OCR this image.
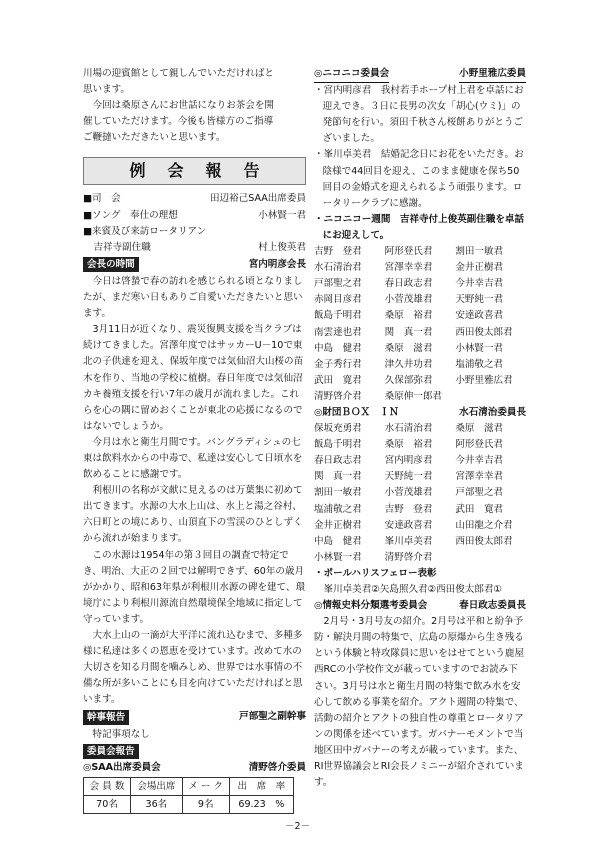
川場の迎賓館として親しんでいただければと

思います。

今回は桑原さんにお世話になりお茶会を開

催していただけます。今後も皆様方のご指導

ご鞭撻いただきたいと思います。

例会報告
■司　会	田辺裕己SAA出席委員
■ソング　奉仕の理想	小林賢一君
■来賓及び来訪ロータリアン
吉祥寺副住職	村上俊英君
会長の時間	宮内明彦会長

今日は啓蟄で春の訪れを感じられる頃となりましたが、まだ寒い日もありご自愛いただきたいと思います。

3月11日が近くなり、震災復興支援を当クラブは続けてきました。宮澤年度ではサッカーU－10で東北の子供達を迎え、保坂年度では気仙沼大山桜の苗木を作り、当地の学校に植樹。春日年度では気仙沼カキ養殖支援を行い7年の歳月が流れました。これらを心の隅に留めおくことが東北の応援になるのではないでしょうか。

今月は水と衛生月間です。バングラディシュの七東は飲料水からの中毒で、私達は安心して日頃水を飲めることに感謝です。

利根川の名称が文献に見えるのは万葉集に初めて出てきます。水源の大水上山は、水上と湯之谷村、六日町との境にあり、山頂直下の雪渓のひとしずくから流れが始まります。

この水源は1954年の第３回目の調査で特定でき、明治、大正の２回では解明できず、60年の歳月がかかり、昭和63年県が利根川水源の碑を建て、環境庁により利根川源流自然環境保全地域に指定して守っています。

大水上山の一滴が大平洋に流れ込むまで、多種多様に私達は多くの恩恵を受けています。改めて水の大切さを知る月間を噛みしめ、世界では水事情の不備な所が多いことにも目を向けていただければと思います。

幹事報告	戸部聖之副幹事

特記事項なし

委員会報告
◎SAA出席委員会	清野啓介委員
会 員 数	会場出席	メ ー ク	出　席　率
70名	36名	9名	69.23　%
◎ニコニコ委員会	小野里雅広委員

・宮内明彦君　我村若手ホープ村上君を卓話にお迎えでき。３日に長男の次女「胡心(ウミ)」の発節句を行い。須田千秋さん桜餅ありがとうございました。

・峯川卓美君　結婚記念日にお花をいただき。お陰様で44回目を迎え、このまま健康を保ち50回目の金婚式を迎えられるよう頑張ります。ロータリークラブに感謝。

・ニコニコー週間　吉祥寺付上俊英副住職を卓話にお迎えして。

吉野　登君	阿形登氏君	割田一敏君
水石清治君	宮澤幸幸君	金井正樹君
戸部聖之君	春日政志君	今井幸吉君
赤岡目彦君	小菅茂雄君	天野純一君
飯島千明君	桑原　裕君	安達政喜君
南雲達也君	関　真一君	西田俊太郎君
中島　健君	桑原　滋君	小林賢一君
金子秀行君	津久井功君	塩浦敬之君
武田　寛君	久保部弥君	小野里雅広君
清野啓介君	桑原伸一郎君	
◎財団ＢＯＸ　ＩＮ	水石清治委員長
保坂充勇君	水石清治君	桑原　滋君
飯島千明君	桑原　裕君	阿形登氏君
春日政志君	宮内明彦君	今井幸吉君
関　真一君	天野純一君	宮澤幸幸君
割田一敏君	小菅茂雄君	戸部聖之君
塩浦敬之君	吉野　登君	武田　寛君
金井正樹君	安達政喜君	山田龍之介君
中島　健君	峯川卓美君	西田俊太郎君
小林賢一君	清野啓介君	

・ポールハリスフェロー表彰

峯川卓美君②矢島照久君②西田俊太郎君①

◎情報史料分類選考委員会	春日政志委員長

2月号・3月号友の紹介。2月号は平和と紛争予防・解決月間の特集で、広島の原爆から生き残るという体験と特攻隊員に思いをはせてという鹿屋西RCの小学校作文が載っていますのでお読み下さい。3月号は水と衛生月間の特集で飲み水を安心して飲める事業を紹介。アクト週間の特集で、活動の紹介とアクトの独自性の尊重とロータリアンの関係を述べています。ガバナーモメントで当地区田中ガバナーの考えが載っています。また、RI世界協議会とRI会長ノミニーが紹介されています。

－2－
